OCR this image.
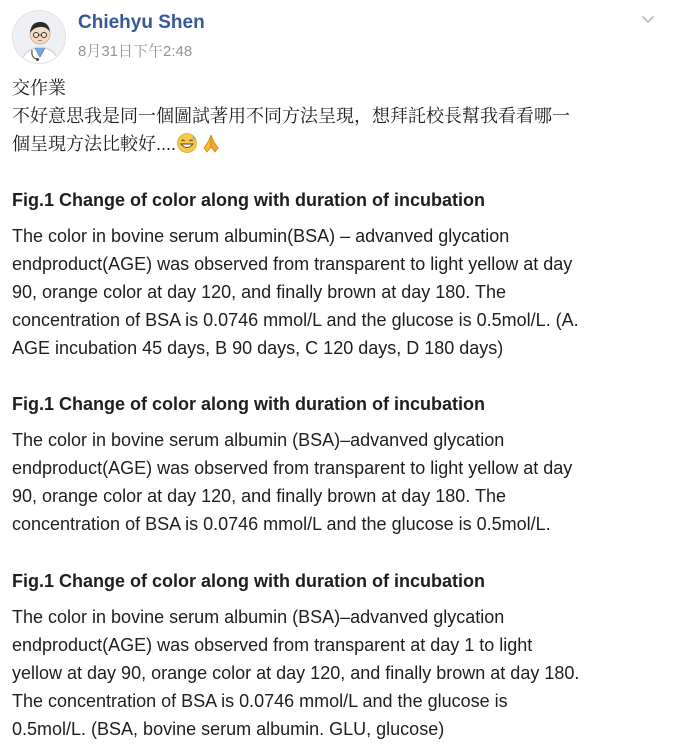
Chiehyu Shen
8月31日下午2:48

交作業

不好意思我是同一個圖試著用不同方法呈現，想拜託校長幫我看看哪一

個呈現方法比較好....

Fig.1 Change of color along with duration of incubation

The color in bovine serum albumin(BSA) – advanved glycation
endproduct(AGE) was observed from transparent to light yellow at day
90, orange color at day 120, and finally brown at day 180. The
concentration of BSA is 0.0746 mmol/L and the glucose is 0.5mol/L. (A.
AGE incubation 45 days, B 90 days, C 120 days, D 180 days)

Fig.1 Change of color along with duration of incubation

The color in bovine serum albumin (BSA)–advanved glycation
endproduct(AGE) was observed from transparent to light yellow at day
90, orange color at day 120, and finally brown at day 180. The
concentration of BSA is 0.0746 mmol/L and the glucose is 0.5mol/L.

Fig.1 Change of color along with duration of incubation

The color in bovine serum albumin (BSA)–advanved glycation
endproduct(AGE) was observed from transparent at day 1 to light
yellow at day 90, orange color at day 120, and finally brown at day 180.
The concentration of BSA is 0.0746 mmol/L and the glucose is
0.5mol/L. (BSA, bovine serum albumin. GLU, glucose)
